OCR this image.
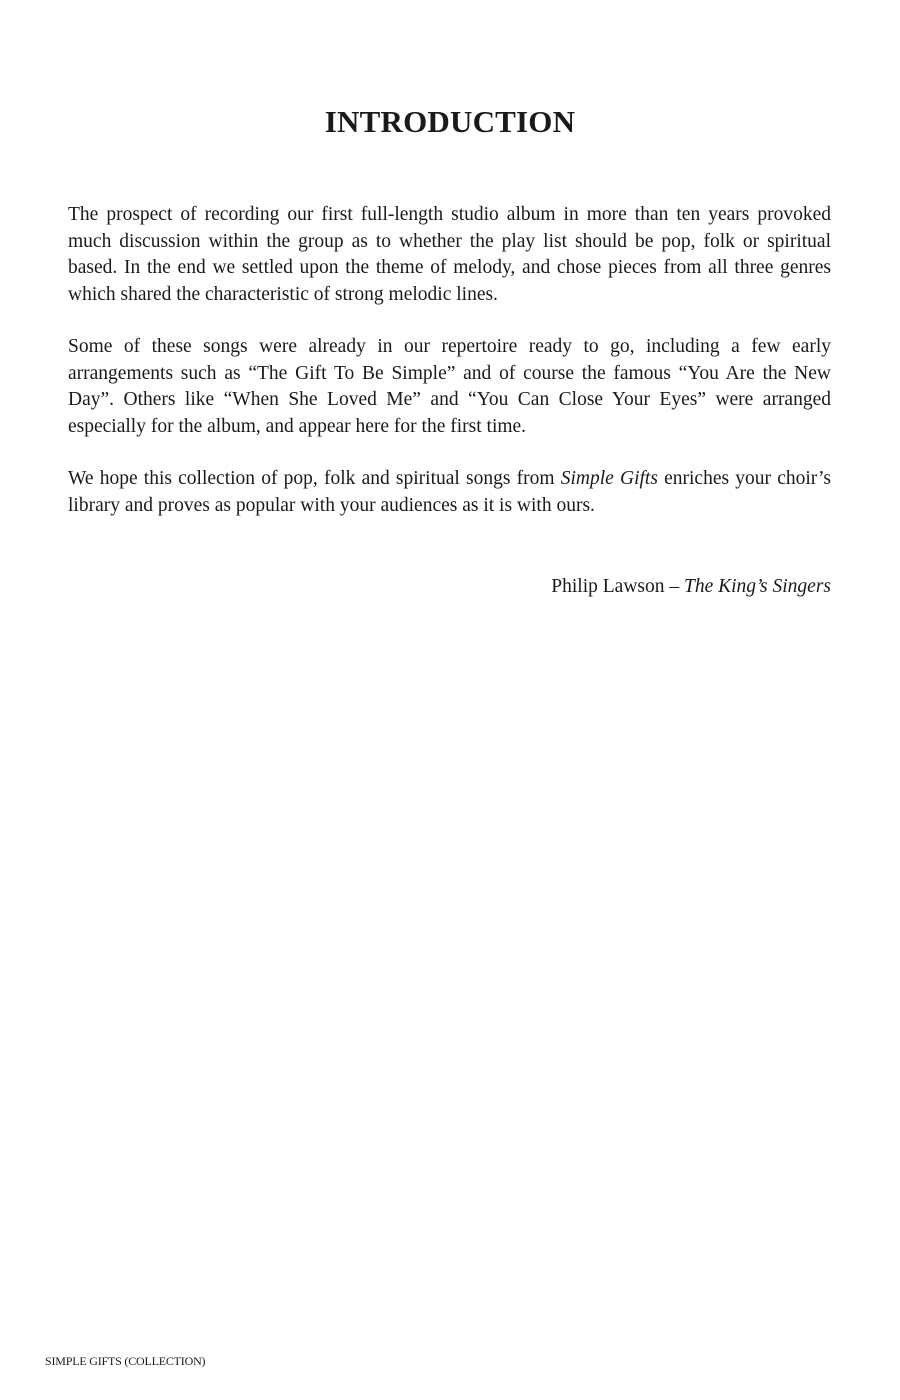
INTRODUCTION

The prospect of recording our first full-length studio album in more than ten years provoked much discussion within the group as to whether the play list should be pop, folk or spiritual based. In the end we settled upon the theme of melody, and chose pieces from all three genres which shared the characteristic of strong melodic lines.

Some of these songs were already in our repertoire ready to go, including a few early arrangements such as “The Gift To Be Simple” and of course the famous “You Are the New Day”. Others like “When She Loved Me” and “You Can Close Your Eyes” were arranged especially for the album, and appear here for the first time.

We hope this collection of pop, folk and spiritual songs from Simple Gifts enriches your choir’s library and proves as popular with your audiences as it is with ours.

Philip Lawson – The King’s Singers
SIMPLE GIFTS (COLLECTION)
